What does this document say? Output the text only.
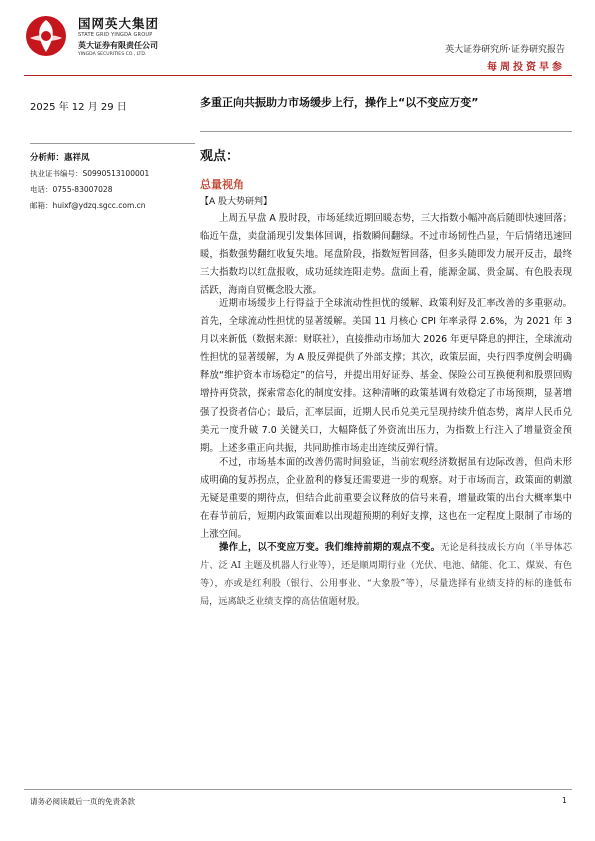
国网英大集团
STATE GRID YINGDA GROUP
英大证券有限责任公司
YINGDA SECURITIES CO., LTD.	英大证券研究所·证券研究报告
每周投资早参
2025 年 12 月 29 日	多重正向共振助力市场缓步上行，操作上“以不变应万变”
分析师：惠祥凤
执业证书编号：S0990513100001
电话：0755-83007028
邮箱：huixf@ydzq.sgcc.com.cn
观点：
总量视角
【A 股大势研判】

上周五早盘 A 股时段，市场延续近期回暖态势，三大指数小幅冲高后随即快速回落；临近午盘，卖盘涌现引发集体回调，指数瞬间翻绿。不过市场韧性凸显，午后情绪迅速回暖，指数强势翻红收复失地。尾盘阶段，指数短暂回落，但多头随即发力展开反击，最终三大指数均以红盘报收，成功延续连阳走势。盘面上看，能源金属、贵金属、有色股表现活跃，海南自贸概念股大涨。

近期市场缓步上行得益于全球流动性担忧的缓解、政策利好及汇率改善的多重驱动。首先，全球流动性担忧的显著缓解。美国 11 月核心 CPI 年率录得 2.6%，为 2021 年 3 月以来新低（数据来源：财联社），直接推动市场加大 2026 年更早降息的押注，全球流动性担忧的显著缓解，为 A 股反弹提供了外部支撑；其次，政策层面，央行四季度例会明确释放“维护资本市场稳定”的信号，并提出用好证券、基金、保险公司互换便利和股票回购增持再贷款，探索常态化的制度安排。这种清晰的政策基调有效稳定了市场预期，显著增强了投资者信心；最后，汇率层面，近期人民币兑美元呈现持续升值态势，离岸人民币兑美元一度升破 7.0 关键关口，大幅降低了外资流出压力，为指数上行注入了增量资金预期。上述多重正向共振，共同助推市场走出连续反弹行情。

不过，市场基本面的改善仍需时间验证，当前宏观经济数据虽有边际改善，但尚未形成明确的复苏拐点，企业盈利的修复还需要进一步的观察。对于市场而言，政策面的刺激无疑是重要的期待点，但结合此前重要会议释放的信号来看，增量政策的出台大概率集中在春节前后，短期内政策面难以出现超预期的利好支撑，这也在一定程度上限制了市场的上涨空间。

操作上，以不变应万变。我们维持前期的观点不变。无论是科技成长方向（半导体芯片、泛 AI 主题及机器人行业等），还是顺周期行业（光伏、电池、储能、化工、煤炭、有色等），亦或是红利股（银行、公用事业、“大象股”等），尽量选择有业绩支持的标的逢低布局，远离缺乏业绩支撑的高估值题材股。

请务必阅读最后一页的免责条款	1
